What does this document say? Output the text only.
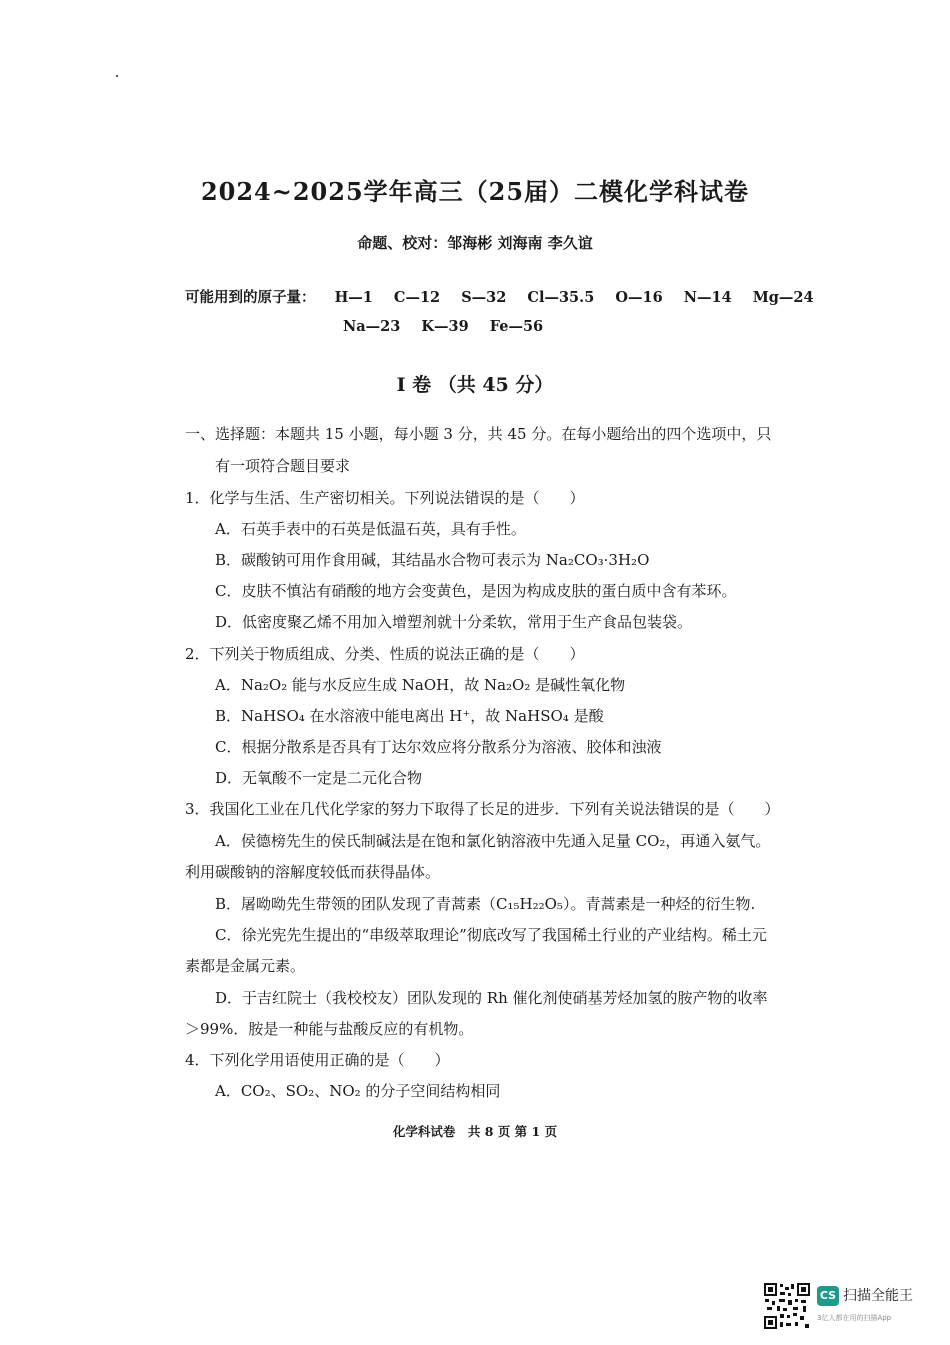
2024~2025学年高三（25届）二模化学科试卷
命题、校对：邹海彬 刘海南 李久谊
可能用到的原子量： H—1 C—12 S—32 Cl—35.5 O—16 N—14 Mg—24
Na—23 K—39 Fe—56
I 卷 （共 45 分）
一、选择题：本题共 15 小题，每小题 3 分，共 45 分。在每小题给出的四个选项中，只
有一项符合题目要求
1．化学与生活、生产密切相关。下列说法错误的是（　　）
A．石英手表中的石英是低温石英，具有手性。
B．碳酸钠可用作食用碱，其结晶水合物可表示为 Na₂CO₃·3H₂O
C．皮肤不慎沾有硝酸的地方会变黄色，是因为构成皮肤的蛋白质中含有苯环。
D．低密度聚乙烯不用加入增塑剂就十分柔软，常用于生产食品包装袋。
2．下列关于物质组成、分类、性质的说法正确的是（　　）
A．Na₂O₂ 能与水反应生成 NaOH，故 Na₂O₂ 是碱性氧化物
B．NaHSO₄ 在水溶液中能电离出 H⁺，故 NaHSO₄ 是酸
C．根据分散系是否具有丁达尔效应将分散系分为溶液、胶体和浊液
D．无氧酸不一定是二元化合物
3．我国化工业在几代化学家的努力下取得了长足的进步．下列有关说法错误的是（　　）
A．侯德榜先生的侯氏制碱法是在饱和氯化钠溶液中先通入足量 CO₂，再通入氨气。
利用碳酸钠的溶解度较低而获得晶体。
B．屠呦呦先生带领的团队发现了青蒿素（C₁₅H₂₂O₅）。青蒿素是一种烃的衍生物.
C．徐光宪先生提出的“串级萃取理论”彻底改写了我国稀土行业的产业结构。稀土元
素都是金属元素。
D．于吉红院士（我校校友）团队发现的 Rh 催化剂使硝基芳烃加氢的胺产物的收率
＞99%．胺是一种能与盐酸反应的有机物。
4．下列化学用语使用正确的是（　　）
A．CO₂、SO₂、NO₂ 的分子空间结构相同
化学科试卷　共 8 页 第 1 页
CS 扫描全能王
3亿人都在用的扫描App
